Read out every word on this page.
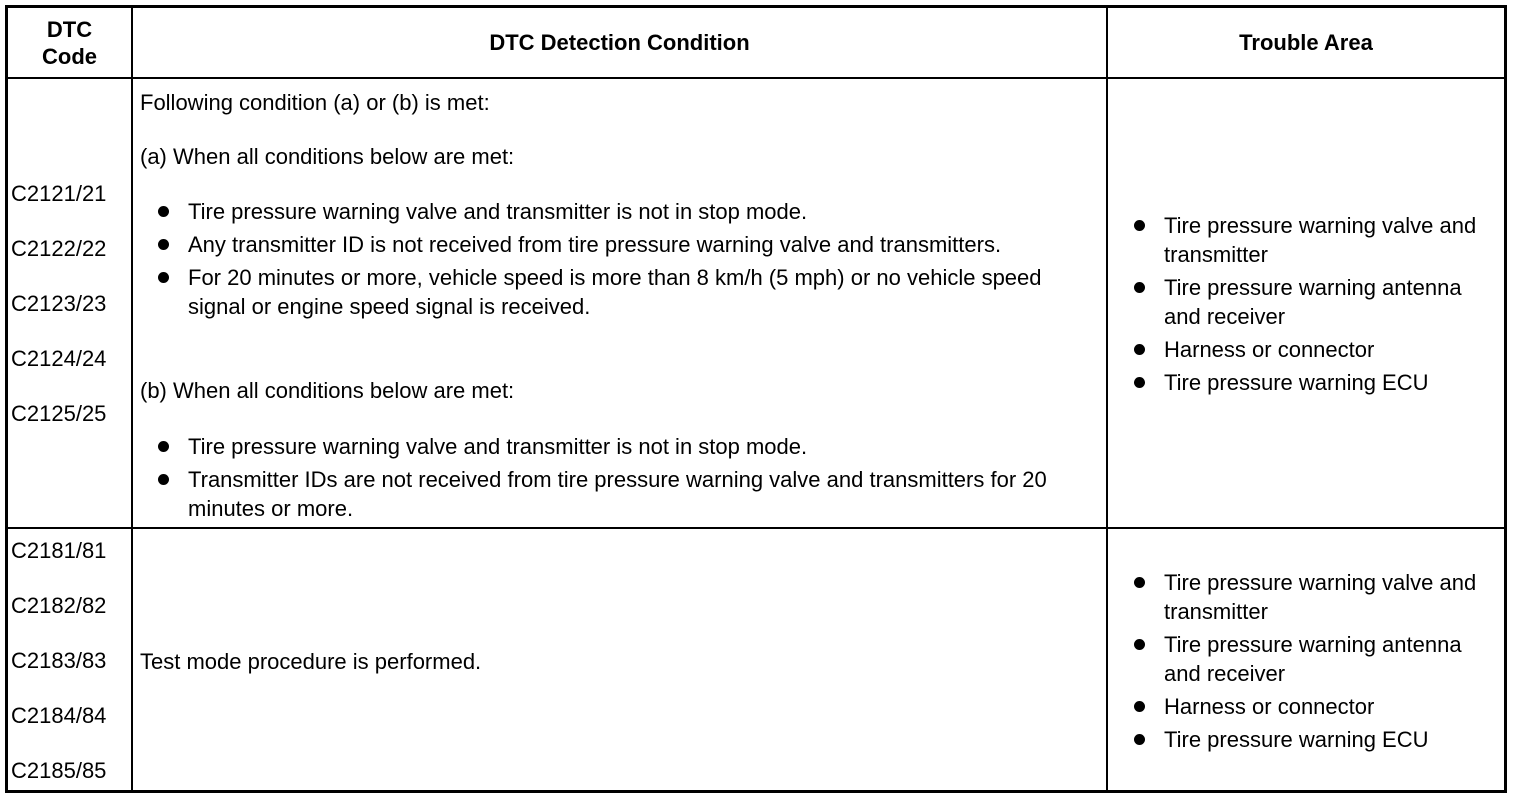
DTC Code
DTC Detection Condition	Trouble Area
C2121/21
C2122/22
C2123/23
C2124/24
C2125/25
Following condition (a) or (b) is met:
(a) When all conditions below are met:
Tire pressure warning valve and transmitter is not in stop mode.
Any transmitter ID is not received from tire pressure warning valve and transmitters.
For 20 minutes or more, vehicle speed is more than 8 km/h (5 mph) or no vehicle speed signal or engine speed signal is received.
(b) When all conditions below are met:
Tire pressure warning valve and transmitter is not in stop mode.
Transmitter IDs are not received from tire pressure warning valve and transmitters for 20 minutes or more.
Tire pressure warning valve and transmitter
Tire pressure warning antenna and receiver
Harness or connector
Tire pressure warning ECU
C2181/81
C2182/82
C2183/83
C2184/84
C2185/85
Test mode procedure is performed.
Tire pressure warning valve and transmitter
Tire pressure warning antenna and receiver
Harness or connector
Tire pressure warning ECU
